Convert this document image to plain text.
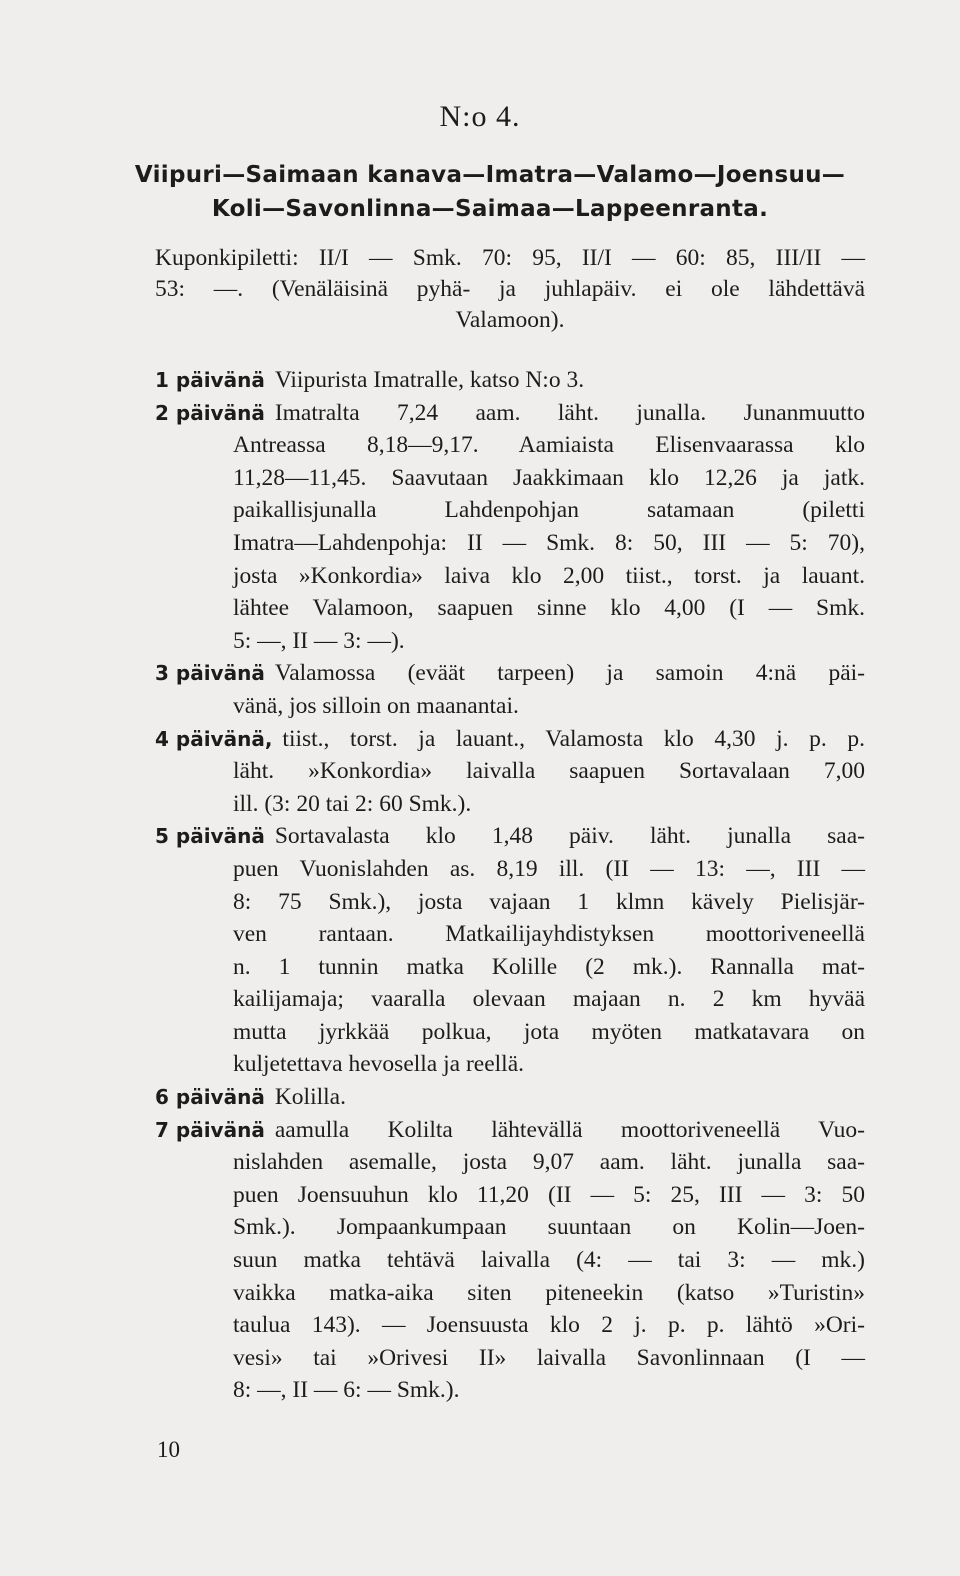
N:o 4.
Viipuri—Saimaan kanava—Imatra—Valamo—Joensuu—
Koli—Savonlinna—Saimaa—Lappeenranta.
Kuponkipiletti: II/I — Smk. 70: 95, II/I — 60: 85, III/II —
53: —. (Venäläisinä pyhä- ja juhlapäiv. ei ole lähdettävä
Valamoon).
1 päivänä Viipurista Imatralle, katso N:o 3.
2 päivänä Imatralta 7,24 aam. läht. junalla. Junanmuutto
Antreassa 8,18—9,17. Aamiaista Elisenvaarassa klo
11,28—11,45. Saavutaan Jaakkimaan klo 12,26 ja jatk.
paikallisjunalla Lahdenpohjan satamaan (piletti
Imatra—Lahdenpohja: II — Smk. 8: 50, III — 5: 70),
josta »Konkordia» laiva klo 2,00 tiist., torst. ja lauant.
lähtee Valamoon, saapuen sinne klo 4,00 (I — Smk.
5: —, II — 3: —).
3 päivänä Valamossa (eväät tarpeen) ja samoin 4:nä päi-
vänä, jos silloin on maanantai.
4 päivänä, tiist., torst. ja lauant., Valamosta klo 4,30 j. p. p.
läht. »Konkordia» laivalla saapuen Sortavalaan 7,00
ill. (3: 20 tai 2: 60 Smk.).
5 päivänä Sortavalasta klo 1,48 päiv. läht. junalla saa-
puen Vuonislahden as. 8,19 ill. (II — 13: —, III —
8: 75 Smk.), josta vajaan 1 klmn kävely Pielisjär-
ven rantaan. Matkailijayhdistyksen moottoriveneellä
n. 1 tunnin matka Kolille (2 mk.). Rannalla mat-
kailijamaja; vaaralla olevaan majaan n. 2 km hyvää
mutta jyrkkää polkua, jota myöten matkatavara on
kuljetettava hevosella ja reellä.
6 päivänä Kolilla.
7 päivänä aamulla Kolilta lähtevällä moottoriveneellä Vuo-
nislahden asemalle, josta 9,07 aam. läht. junalla saa-
puen Joensuuhun klo 11,20 (II — 5: 25, III — 3: 50
Smk.). Jompaankumpaan suuntaan on Kolin—Joen-
suun matka tehtävä laivalla (4: — tai 3: — mk.)
vaikka matka-aika siten piteneekin (katso »Turistin»
taulua 143). — Joensuusta klo 2 j. p. p. lähtö »Ori-
vesi» tai »Orivesi II» laivalla Savonlinnaan (I —
8: —, II — 6: — Smk.).
10
